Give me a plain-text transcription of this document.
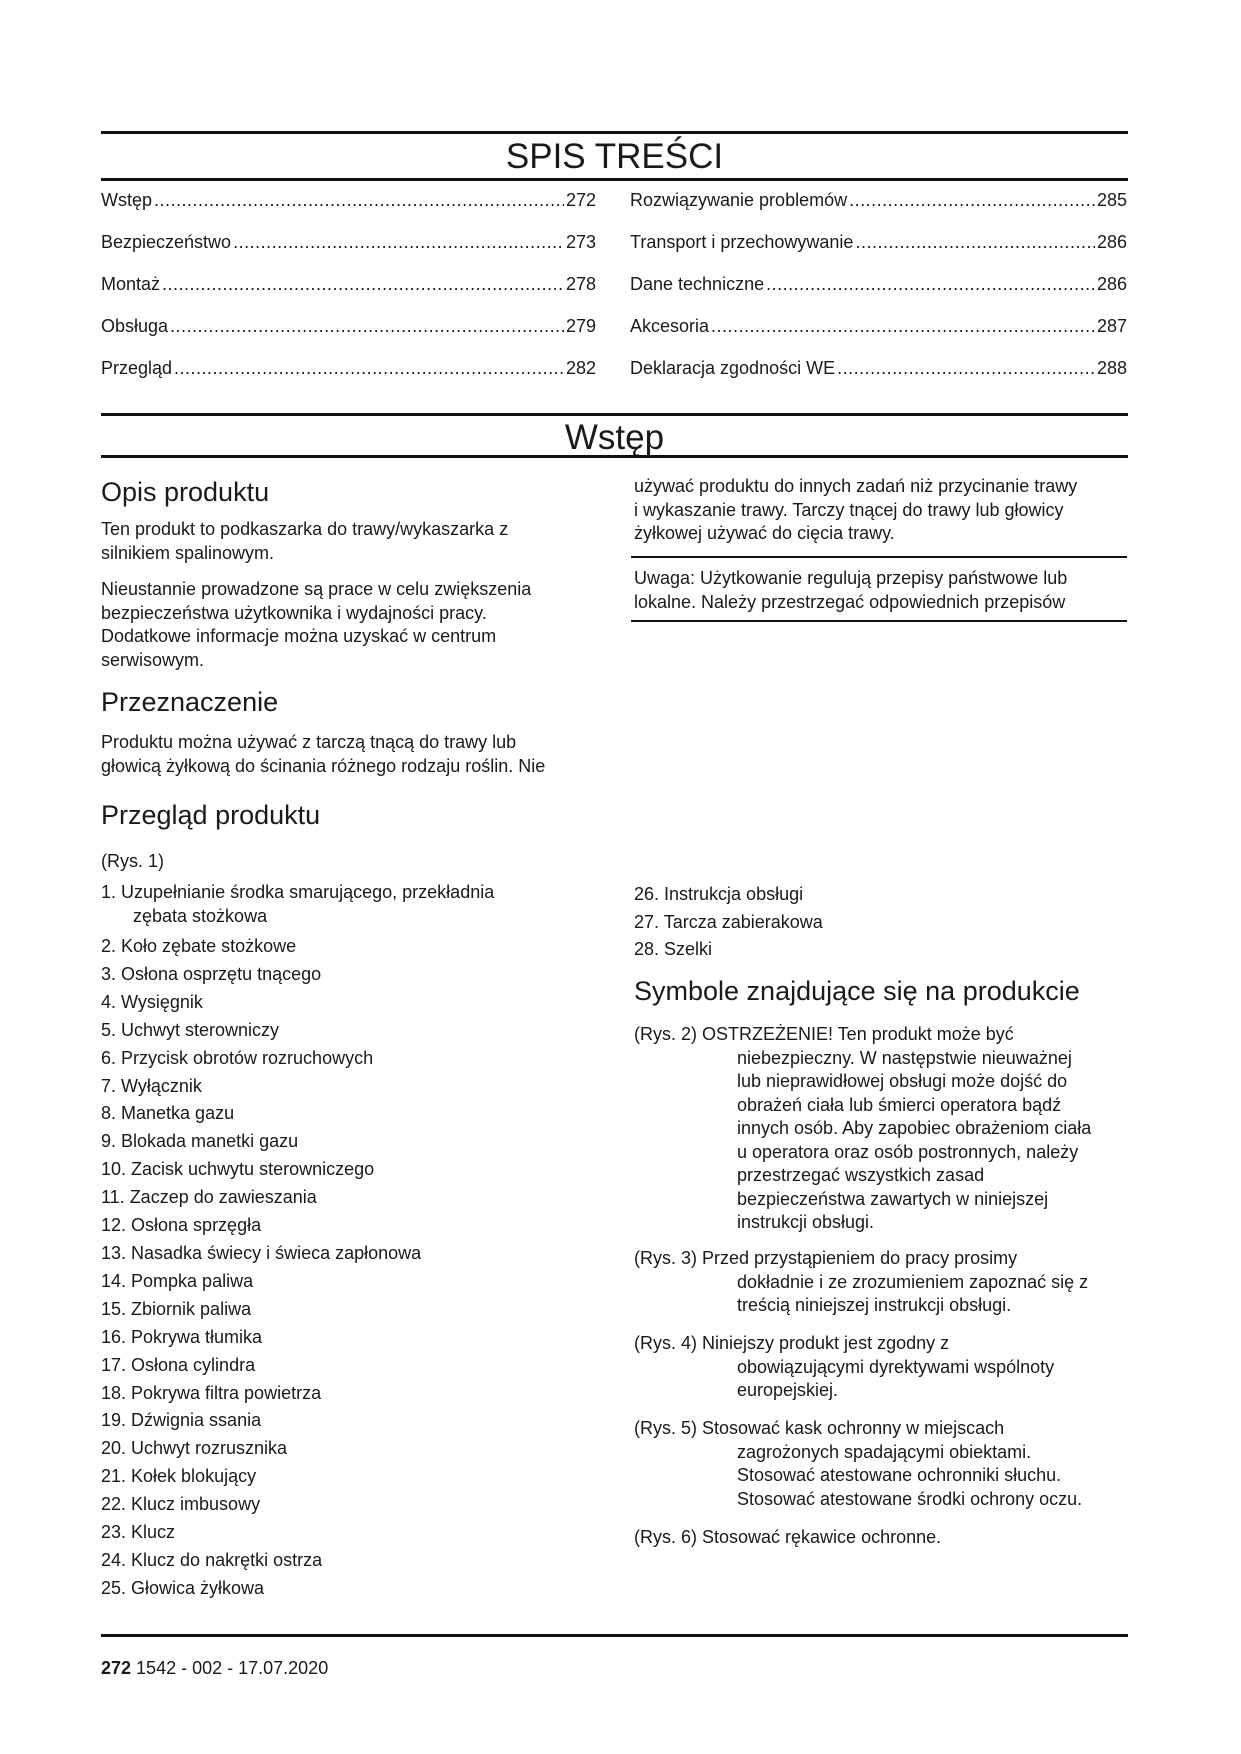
SPIS TREŚCI
Wstęp .....	272
Bezpieczeństwo .....	273
Montaż .....	278
Obsługa .....	279
Przegląd .....	282
Rozwiązywanie problemów .....	285
Transport i przechowywanie .....	286
Dane techniczne .....	286
Akcesoria .....	287
Deklaracja zgodności WE .....	288
Wstęp
Opis produktu
Ten produkt to podkaszarka do trawy/wykaszarka z
silnikiem spalinowym.
Nieustannie prowadzone są prace w celu zwiększenia
bezpieczeństwa użytkownika i wydajności pracy.
Dodatkowe informacje można uzyskać w centrum
serwisowym.
Przeznaczenie
Produktu można używać z tarczą tnącą do trawy lub
głowicą żyłkową do ścinania różnego rodzaju roślin. Nie
używać produktu do innych zadań niż przycinanie trawy
i wykaszanie trawy. Tarczy tnącej do trawy lub głowicy
żyłkowej używać do cięcia trawy.
Uwaga: Użytkowanie regulują przepisy państwowe lub
lokalne. Należy przestrzegać odpowiednich przepisów
Przegląd produktu
(Rys. 1)
1. Uzupełnianie środka smarującego, przekładnia
zębata stożkowa
2. Koło zębate stożkowe
3. Osłona osprzętu tnącego
4. Wysięgnik
5. Uchwyt sterowniczy
6. Przycisk obrotów rozruchowych
7. Wyłącznik
8. Manetka gazu
9. Blokada manetki gazu
10. Zacisk uchwytu sterowniczego
11. Zaczep do zawieszania
12. Osłona sprzęgła
13. Nasadka świecy i świeca zapłonowa
14. Pompka paliwa
15. Zbiornik paliwa
16. Pokrywa tłumika
17. Osłona cylindra
18. Pokrywa filtra powietrza
19. Dźwignia ssania
20. Uchwyt rozrusznika
21. Kołek blokujący
22. Klucz imbusowy
23. Klucz
24. Klucz do nakrętki ostrza
25. Głowica żyłkowa
26. Instrukcja obsługi
27. Tarcza zabierakowa
28. Szelki
Symbole znajdujące się na produkcie
(Rys. 2) OSTRZEŻENIE! Ten produkt może być
niebezpieczny. W następstwie nieuważnej
lub nieprawidłowej obsługi może dojść do
obrażeń ciała lub śmierci operatora bądź
innych osób. Aby zapobiec obrażeniom ciała
u operatora oraz osób postronnych, należy
przestrzegać wszystkich zasad
bezpieczeństwa zawartych w niniejszej
instrukcji obsługi.
(Rys. 3) Przed przystąpieniem do pracy prosimy
dokładnie i ze zrozumieniem zapoznać się z
treścią niniejszej instrukcji obsługi.
(Rys. 4) Niniejszy produkt jest zgodny z
obowiązującymi dyrektywami wspólnoty
europejskiej.
(Rys. 5) Stosować kask ochronny w miejscach
zagrożonych spadającymi obiektami.
Stosować atestowane ochronniki słuchu.
Stosować atestowane środki ochrony oczu.
(Rys. 6) Stosować rękawice ochronne.
272 1542 - 002 - 17.07.2020
